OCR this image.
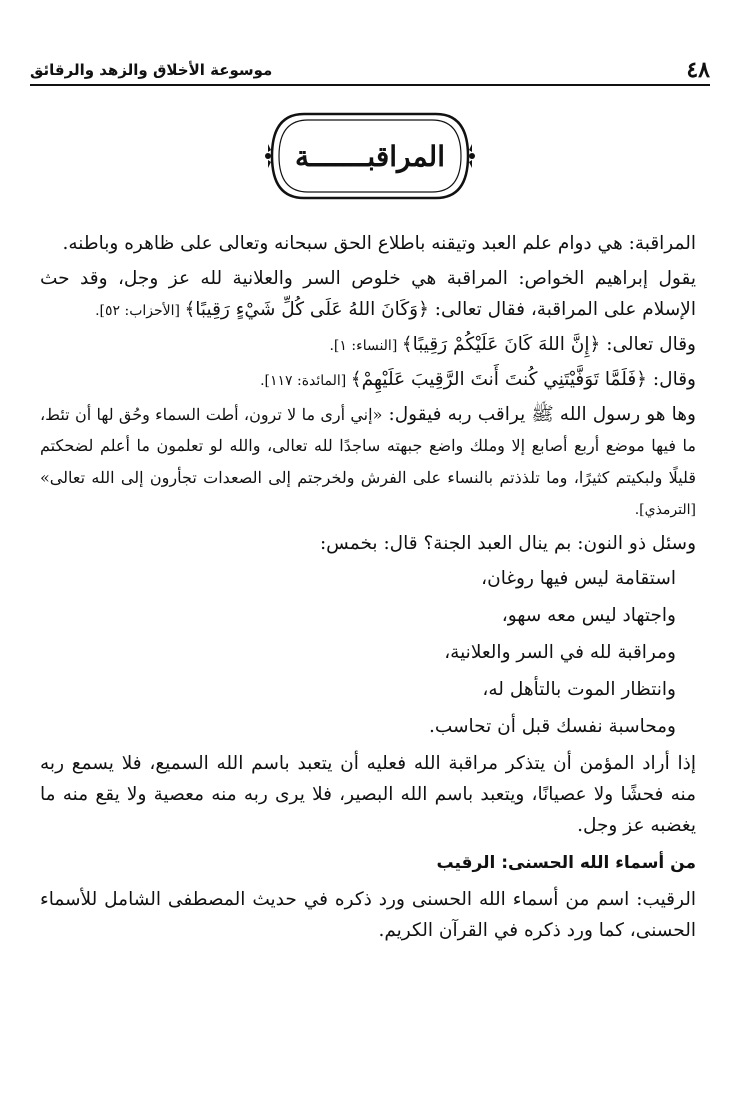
٤٨
موسوعة الأخلاق والزهد والرقائق
المراقبـــــــة

المراقبة: هي دوام علم العبد وتيقنه باطلاع الحق سبحانه وتعالى على ظاهره وباطنه.

يقول إبراهيم الخواص: المراقبة هي خلوص السر والعلانية لله عز وجل، وقد حث الإسلام على المراقبة، فقال تعالى: ﴿وَكَانَ اللهُ عَلَى كُلِّ شَيْءٍ رَقِيبًا﴾ [الأحزاب: ٥٢].

وقال تعالى: ﴿إِنَّ اللهَ كَانَ عَلَيْكُمْ رَقِيبًا﴾ [النساء: ١].

وقال: ﴿فَلَمَّا تَوَفَّيْتَنِي كُنتَ أَنتَ الرَّقِيبَ عَلَيْهِمْ﴾ [المائدة: ١١٧].

وها هو رسول الله ﷺ يراقب ربه فيقول: «إني أرى ما لا ترون، أطت السماء وحُق لها أن تئط، ما فيها موضع أربع أصابع إلا وملك واضع جبهته ساجدًا لله تعالى، والله لو تعلمون ما أعلم لضحكتم قليلًا ولبكيتم كثيرًا، وما تلذذتم بالنساء على الفرش ولخرجتم إلى الصعدات تجأرون إلى الله تعالى» [الترمذي].

وسئل ذو النون: بم ينال العبد الجنة؟ قال: بخمس:

استقامة ليس فيها روغان،

واجتهاد ليس معه سهو،

ومراقبة لله في السر والعلانية،

وانتظار الموت بالتأهل له،

ومحاسبة نفسك قبل أن تحاسب.

إذا أراد المؤمن أن يتذكر مراقبة الله فعليه أن يتعبد باسم الله السميع، فلا يسمع ربه منه فحشًا ولا عصيانًا، ويتعبد باسم الله البصير، فلا يرى ربه منه معصية ولا يقع منه ما يغضبه عز وجل.

من أسماء الله الحسنى: الرقيب

الرقيب: اسم من أسماء الله الحسنى ورد ذكره في حديث المصطفى الشامل للأسماء الحسنى، كما ورد ذكره في القرآن الكريم.
